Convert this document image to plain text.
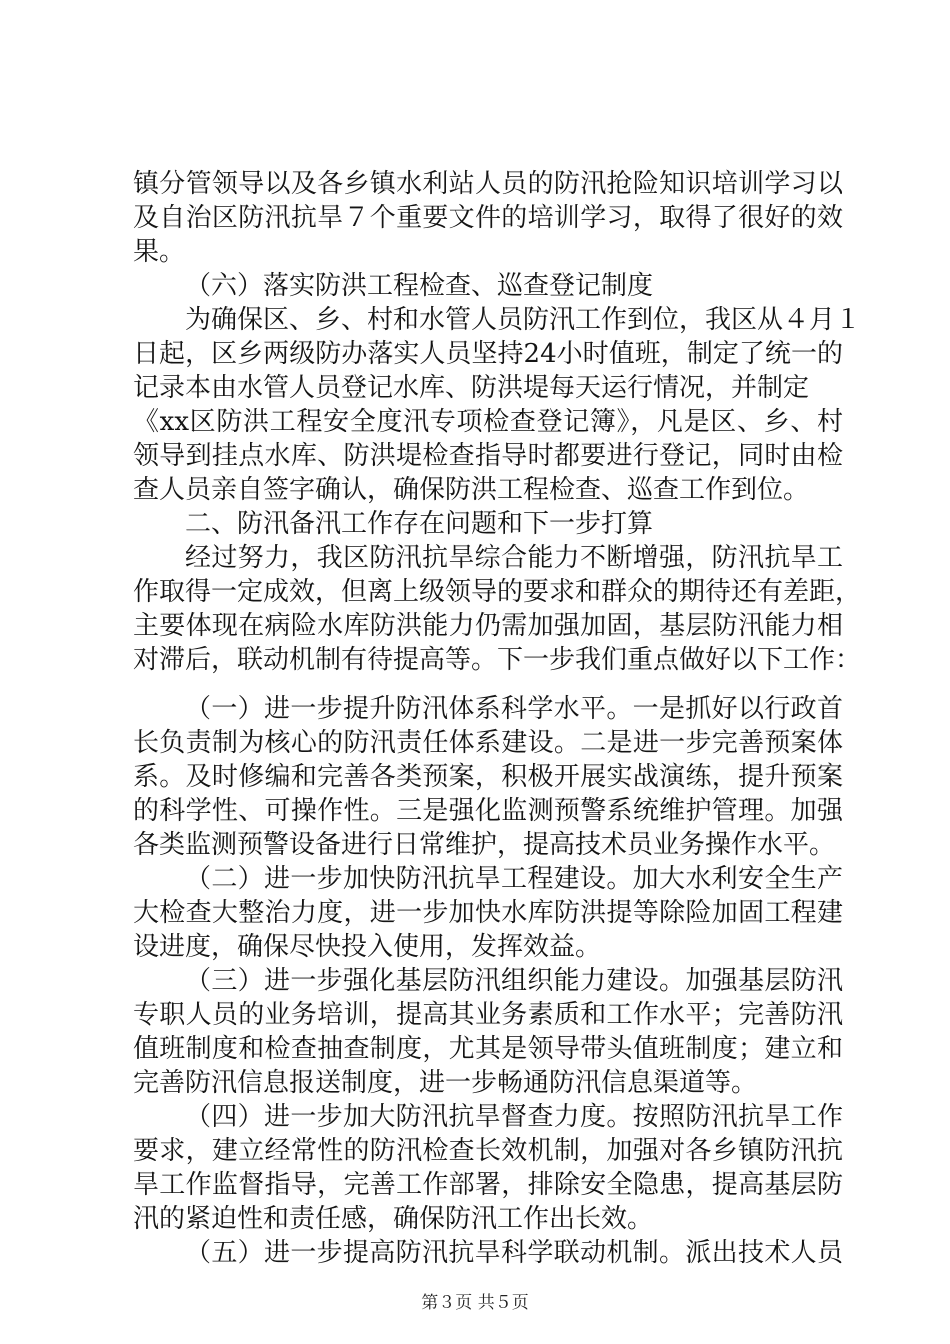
镇分管领导以及各乡镇水利站人员的防汛抢险知识培训学习以
及自治区防汛抗旱７个重要文件的培训学习，取得了很好的效
果。
（六）落实防洪工程检查、巡查登记制度
为确保区、乡、村和水管人员防汛工作到位，我区从４月１
日起，区乡两级防办落实人员坚持24小时值班，制定了统一的
记录本由水管人员登记水库、防洪堤每天运行情况，并制定
《xx区防洪工程安全度汛专项检查登记簿》，凡是区、乡、村
领导到挂点水库、防洪堤检查指导时都要进行登记，同时由检
查人员亲自签字确认，确保防洪工程检查、巡查工作到位。
二、防汛备汛工作存在问题和下一步打算
经过努力，我区防汛抗旱综合能力不断增强，防汛抗旱工
作取得一定成效，但离上级领导的要求和群众的期待还有差距，
主要体现在病险水库防洪能力仍需加强加固，基层防汛能力相
对滞后，联动机制有待提高等。下一步我们重点做好以下工作：
（一）进一步提升防汛体系科学水平。一是抓好以行政首
长负责制为核心的防汛责任体系建设。二是进一步完善预案体
系。及时修编和完善各类预案，积极开展实战演练，提升预案
的科学性、可操作性。三是强化监测预警系统维护管理。加强
各类监测预警设备进行日常维护，提高技术员业务操作水平。
（二）进一步加快防汛抗旱工程建设。加大水利安全生产
大检查大整治力度，进一步加快水库防洪提等除险加固工程建
设进度，确保尽快投入使用，发挥效益。
（三）进一步强化基层防汛组织能力建设。加强基层防汛
专职人员的业务培训，提高其业务素质和工作水平；完善防汛
值班制度和检查抽查制度，尤其是领导带头值班制度；建立和
完善防汛信息报送制度，进一步畅通防汛信息渠道等。
（四）进一步加大防汛抗旱督查力度。按照防汛抗旱工作
要求，建立经常性的防汛检查长效机制，加强对各乡镇防汛抗
旱工作监督指导，完善工作部署，排除安全隐患，提高基层防
汛的紧迫性和责任感，确保防汛工作出长效。
（五）进一步提高防汛抗旱科学联动机制。派出技术人员
第３页 共５页
